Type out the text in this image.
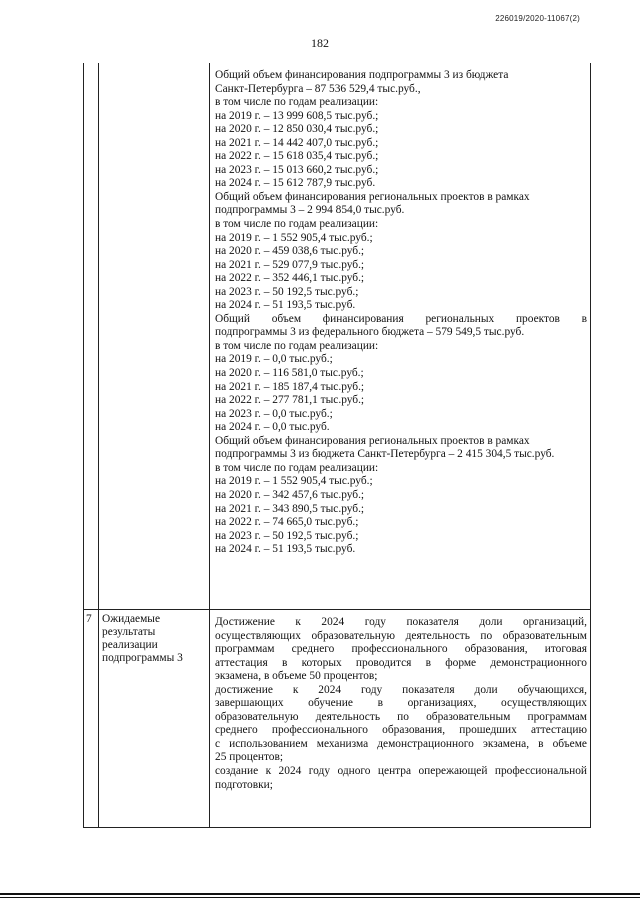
226019/2020-11067(2)
182
Общий объем финансирования подпрограммы 3 из бюджета
Санкт-Петербурга – 87 536 529,4 тыс.руб.,
в том числе по годам реализации:
на 2019 г. – 13 999 608,5 тыс.руб.;
на 2020 г. – 12 850 030,4 тыс.руб.;
на 2021 г. – 14 442 407,0 тыс.руб.;
на 2022 г. – 15 618 035,4 тыс.руб.;
на 2023 г. – 15 013 660,2 тыс.руб.;
на 2024 г. – 15 612 787,9 тыс.руб.
Общий объем финансирования региональных проектов в рамках
подпрограммы 3 – 2 994 854,0 тыс.руб.
в том числе по годам реализации:
на 2019 г. – 1 552 905,4 тыс.руб.;
на 2020 г. – 459 038,6 тыс.руб.;
на 2021 г. – 529 077,9 тыс.руб.;
на 2022 г. – 352 446,1 тыс.руб.;
на 2023 г. – 50 192,5 тыс.руб.;
на 2024 г. – 51 193,5 тыс.руб.
Общий объем финансирования региональных проектов в
подпрограммы 3 из федерального бюджета – 579 549,5 тыс.руб.
в том числе по годам реализации:
на 2019 г. – 0,0 тыс.руб.;
на 2020 г. – 116 581,0 тыс.руб.;
на 2021 г. – 185 187,4 тыс.руб.;
на 2022 г. – 277 781,1 тыс.руб.;
на 2023 г. – 0,0 тыс.руб.;
на 2024 г. – 0,0 тыс.руб.
Общий объем финансирования региональных проектов в рамках
подпрограммы 3 из бюджета Санкт-Петербурга – 2 415 304,5 тыс.руб.
в том числе по годам реализации:
на 2019 г. – 1 552 905,4 тыс.руб.;
на 2020 г. – 342 457,6 тыс.руб.;
на 2021 г. – 343 890,5 тыс.руб.;
на 2022 г. – 74 665,0 тыс.руб.;
на 2023 г. – 50 192,5 тыс.руб.;
на 2024 г. – 51 193,5 тыс.руб.
7 Ожидаемые результаты реализации подпрограммы 3
Достижение к 2024 году показателя доли организаций,
осуществляющих образовательную деятельность по образовательным
программам среднего профессионального образования, итоговая
аттестация в которых проводится в форме демонстрационного
экзамена, в объеме 50 процентов;
достижение к 2024 году показателя доли обучающихся,
завершающих обучение в организациях, осуществляющих
образовательную деятельность по образовательным программам
среднего профессионального образования, прошедших аттестацию
с использованием механизма демонстрационного экзамена, в объеме
25 процентов;
создание к 2024 году одного центра опережающей профессиональной
подготовки;
